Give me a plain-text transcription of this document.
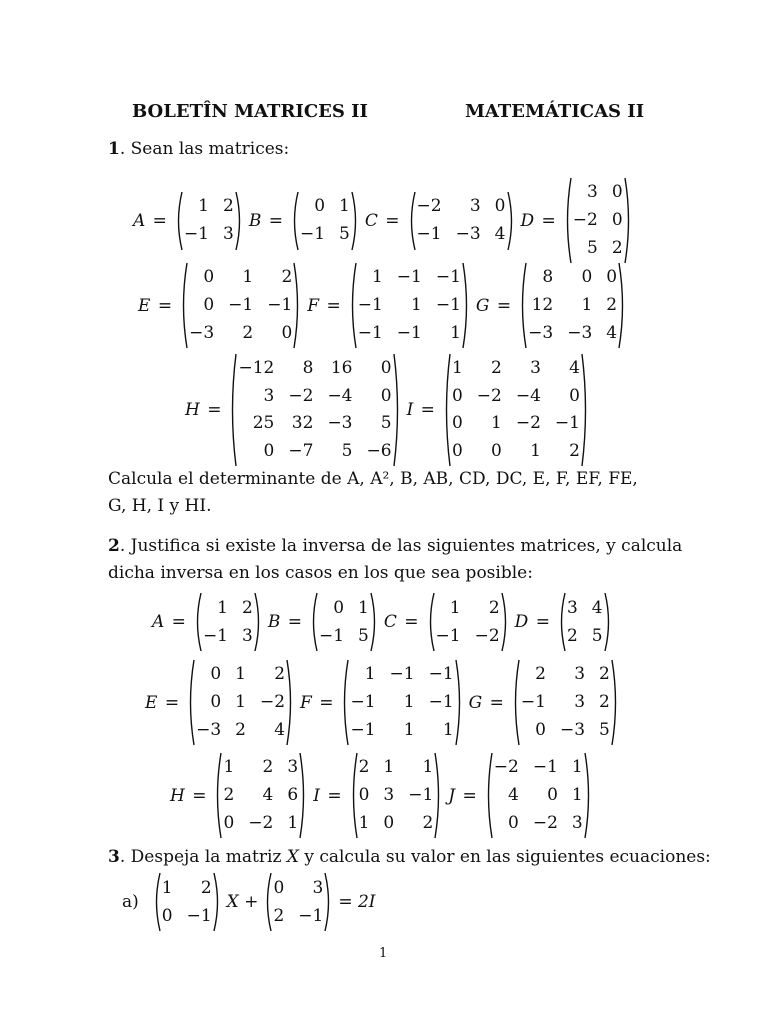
BOLETÎN MATRICES II	MATEMÁTICAS II
1. Sean las matrices:
A =
1 2
−1 3
B =
0 1
−1 5
C =
−2	3 0
−1 −3 4
D =
3 0
−2 0
5 2
E =
0	1	2
0 −1 −1
−3	2	0
F =
1 −1 −1
−1	1 −1
−1 −1	1
G =
8	0 0
12	1 2
−3 −3 4
H =
−12	8 16	0
3 −2 −4	0
25 32 −3	5
0 −7	5 −6
I =
1	2	3	4
0 −2 −4	0
0	1 −2 −1
0	0	1	2
Calcula el determinante de A, A², B, AB, CD, DC, E, F, EF, FE,
G, H, I y HI.
2. Justifica si existe la inversa de las siguientes matrices, y calcula
dicha inversa en los casos en los que sea posible:
A =
1 2
−1 3
B =
0 1
−1 5
C =
1	2
−1 −2
D =
3 4
2 5
E =
0 1	2
0 1 −2
−3 2	4
F =
1 −1 −1
−1	1 −1
−1	1	1
G =
2	3 2
−1	3 2
0 −3 5
H =
1	2 3
2	4 6
0 −2 1
I =
2 1	1
0 3 −1
1 0	2
J =
−2 −1 1
4	0 1
0 −2 3
3. Despeja la matriz X y calcula su valor en las siguientes ecuaciones:
a)
1	2
0 −1
X +
0	3
2 −1
= 2I
1
